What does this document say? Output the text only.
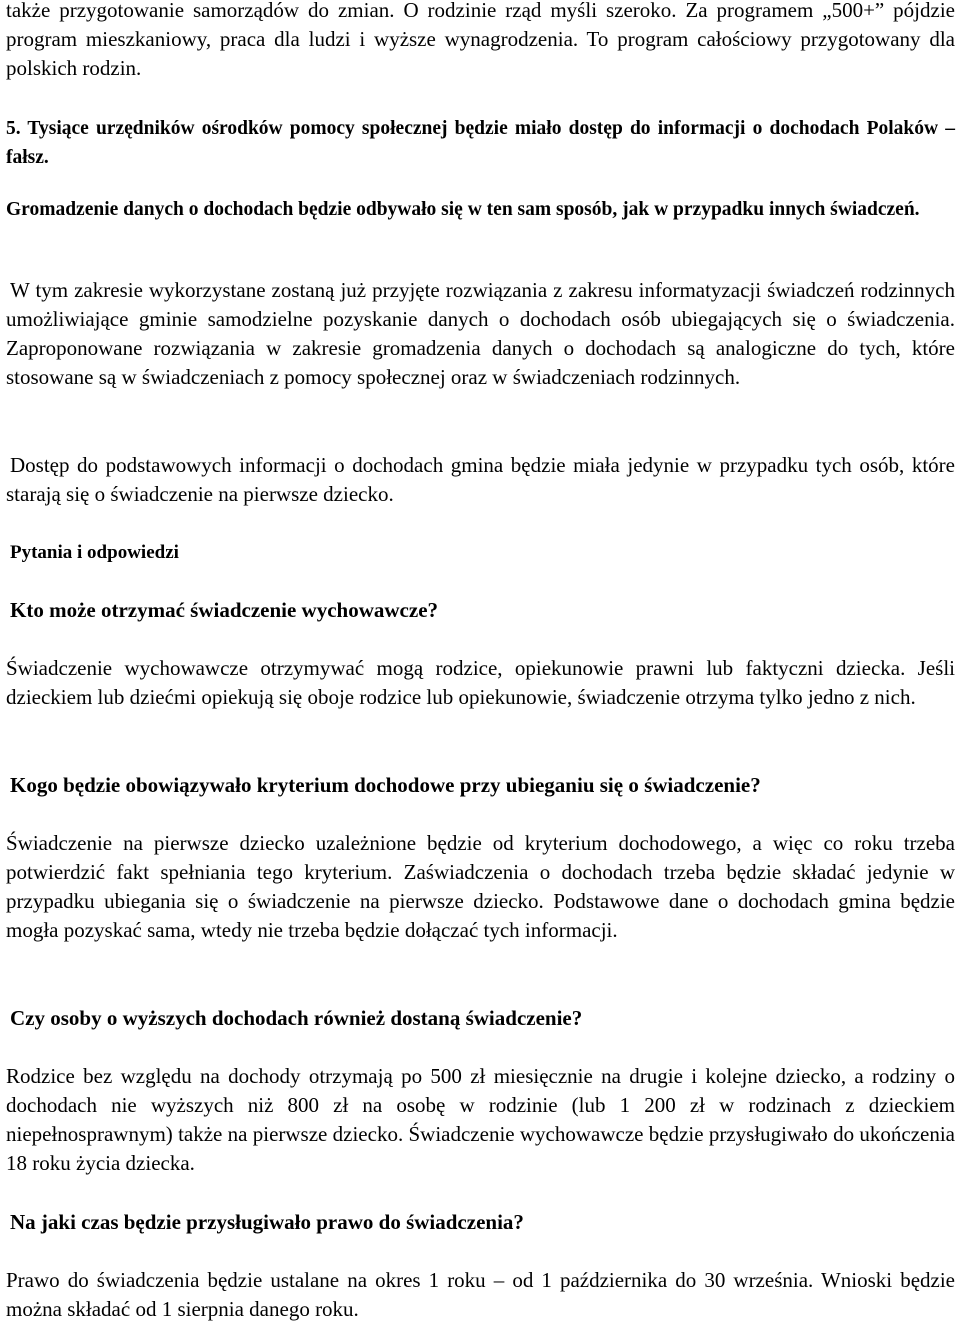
także przygotowanie samorządów do zmian. O rodzinie rząd myśli szeroko. Za programem „500+” pójdzie program mieszkaniowy, praca dla ludzi i wyższe wynagrodzenia. To program całościowy przygotowany dla polskich rodzin.

5. Tysiące urzędników ośrodków pomocy społecznej będzie miało dostęp do informacji o dochodach Polaków – fałsz.

Gromadzenie danych o dochodach będzie odbywało się w ten sam sposób, jak w przypadku innych świadczeń.

W tym zakresie wykorzystane zostaną już przyjęte rozwiązania z zakresu informatyzacji świadczeń rodzinnych umożliwiające gminie samodzielne pozyskanie danych o dochodach osób ubiegających się o świadczenia. Zaproponowane rozwiązania w zakresie gromadzenia danych o dochodach są analogiczne do tych, które stosowane są w świadczeniach z pomocy społecznej oraz w świadczeniach rodzinnych.

Dostęp do podstawowych informacji o dochodach gmina będzie miała jedynie w przypadku tych osób, które starają się o świadczenie na pierwsze dziecko.

Pytania i odpowiedzi
Kto może otrzymać świadczenie wychowawcze?

Świadczenie wychowawcze otrzymywać mogą rodzice, opiekunowie prawni lub faktyczni dziecka. Jeśli dzieckiem lub dziećmi opiekują się oboje rodzice lub opiekunowie, świadczenie otrzyma tylko jedno z nich.

Kogo będzie obowiązywało kryterium dochodowe przy ubieganiu się o świadczenie?

Świadczenie na pierwsze dziecko uzależnione będzie od kryterium dochodowego, a więc co roku trzeba potwierdzić fakt spełniania tego kryterium. Zaświadczenia o dochodach trzeba będzie składać jedynie w przypadku ubiegania się o świadczenie na pierwsze dziecko. Podstawowe dane o dochodach gmina będzie mogła pozyskać sama, wtedy nie trzeba będzie dołączać tych informacji.

Czy osoby o wyższych dochodach również dostaną świadczenie?

Rodzice bez względu na dochody otrzymają po 500 zł miesięcznie na drugie i kolejne dziecko, a rodziny o dochodach nie wyższych niż 800 zł na osobę w rodzinie (lub 1 200 zł w rodzinach z dzieckiem niepełnosprawnym) także na pierwsze dziecko. Świadczenie wychowawcze będzie przysługiwało do ukończenia 18 roku życia dziecka.

Na jaki czas będzie przysługiwało prawo do świadczenia?

Prawo do świadczenia będzie ustalane na okres 1 roku – od 1 października do 30 września. Wnioski będzie można składać od 1 sierpnia danego roku.
